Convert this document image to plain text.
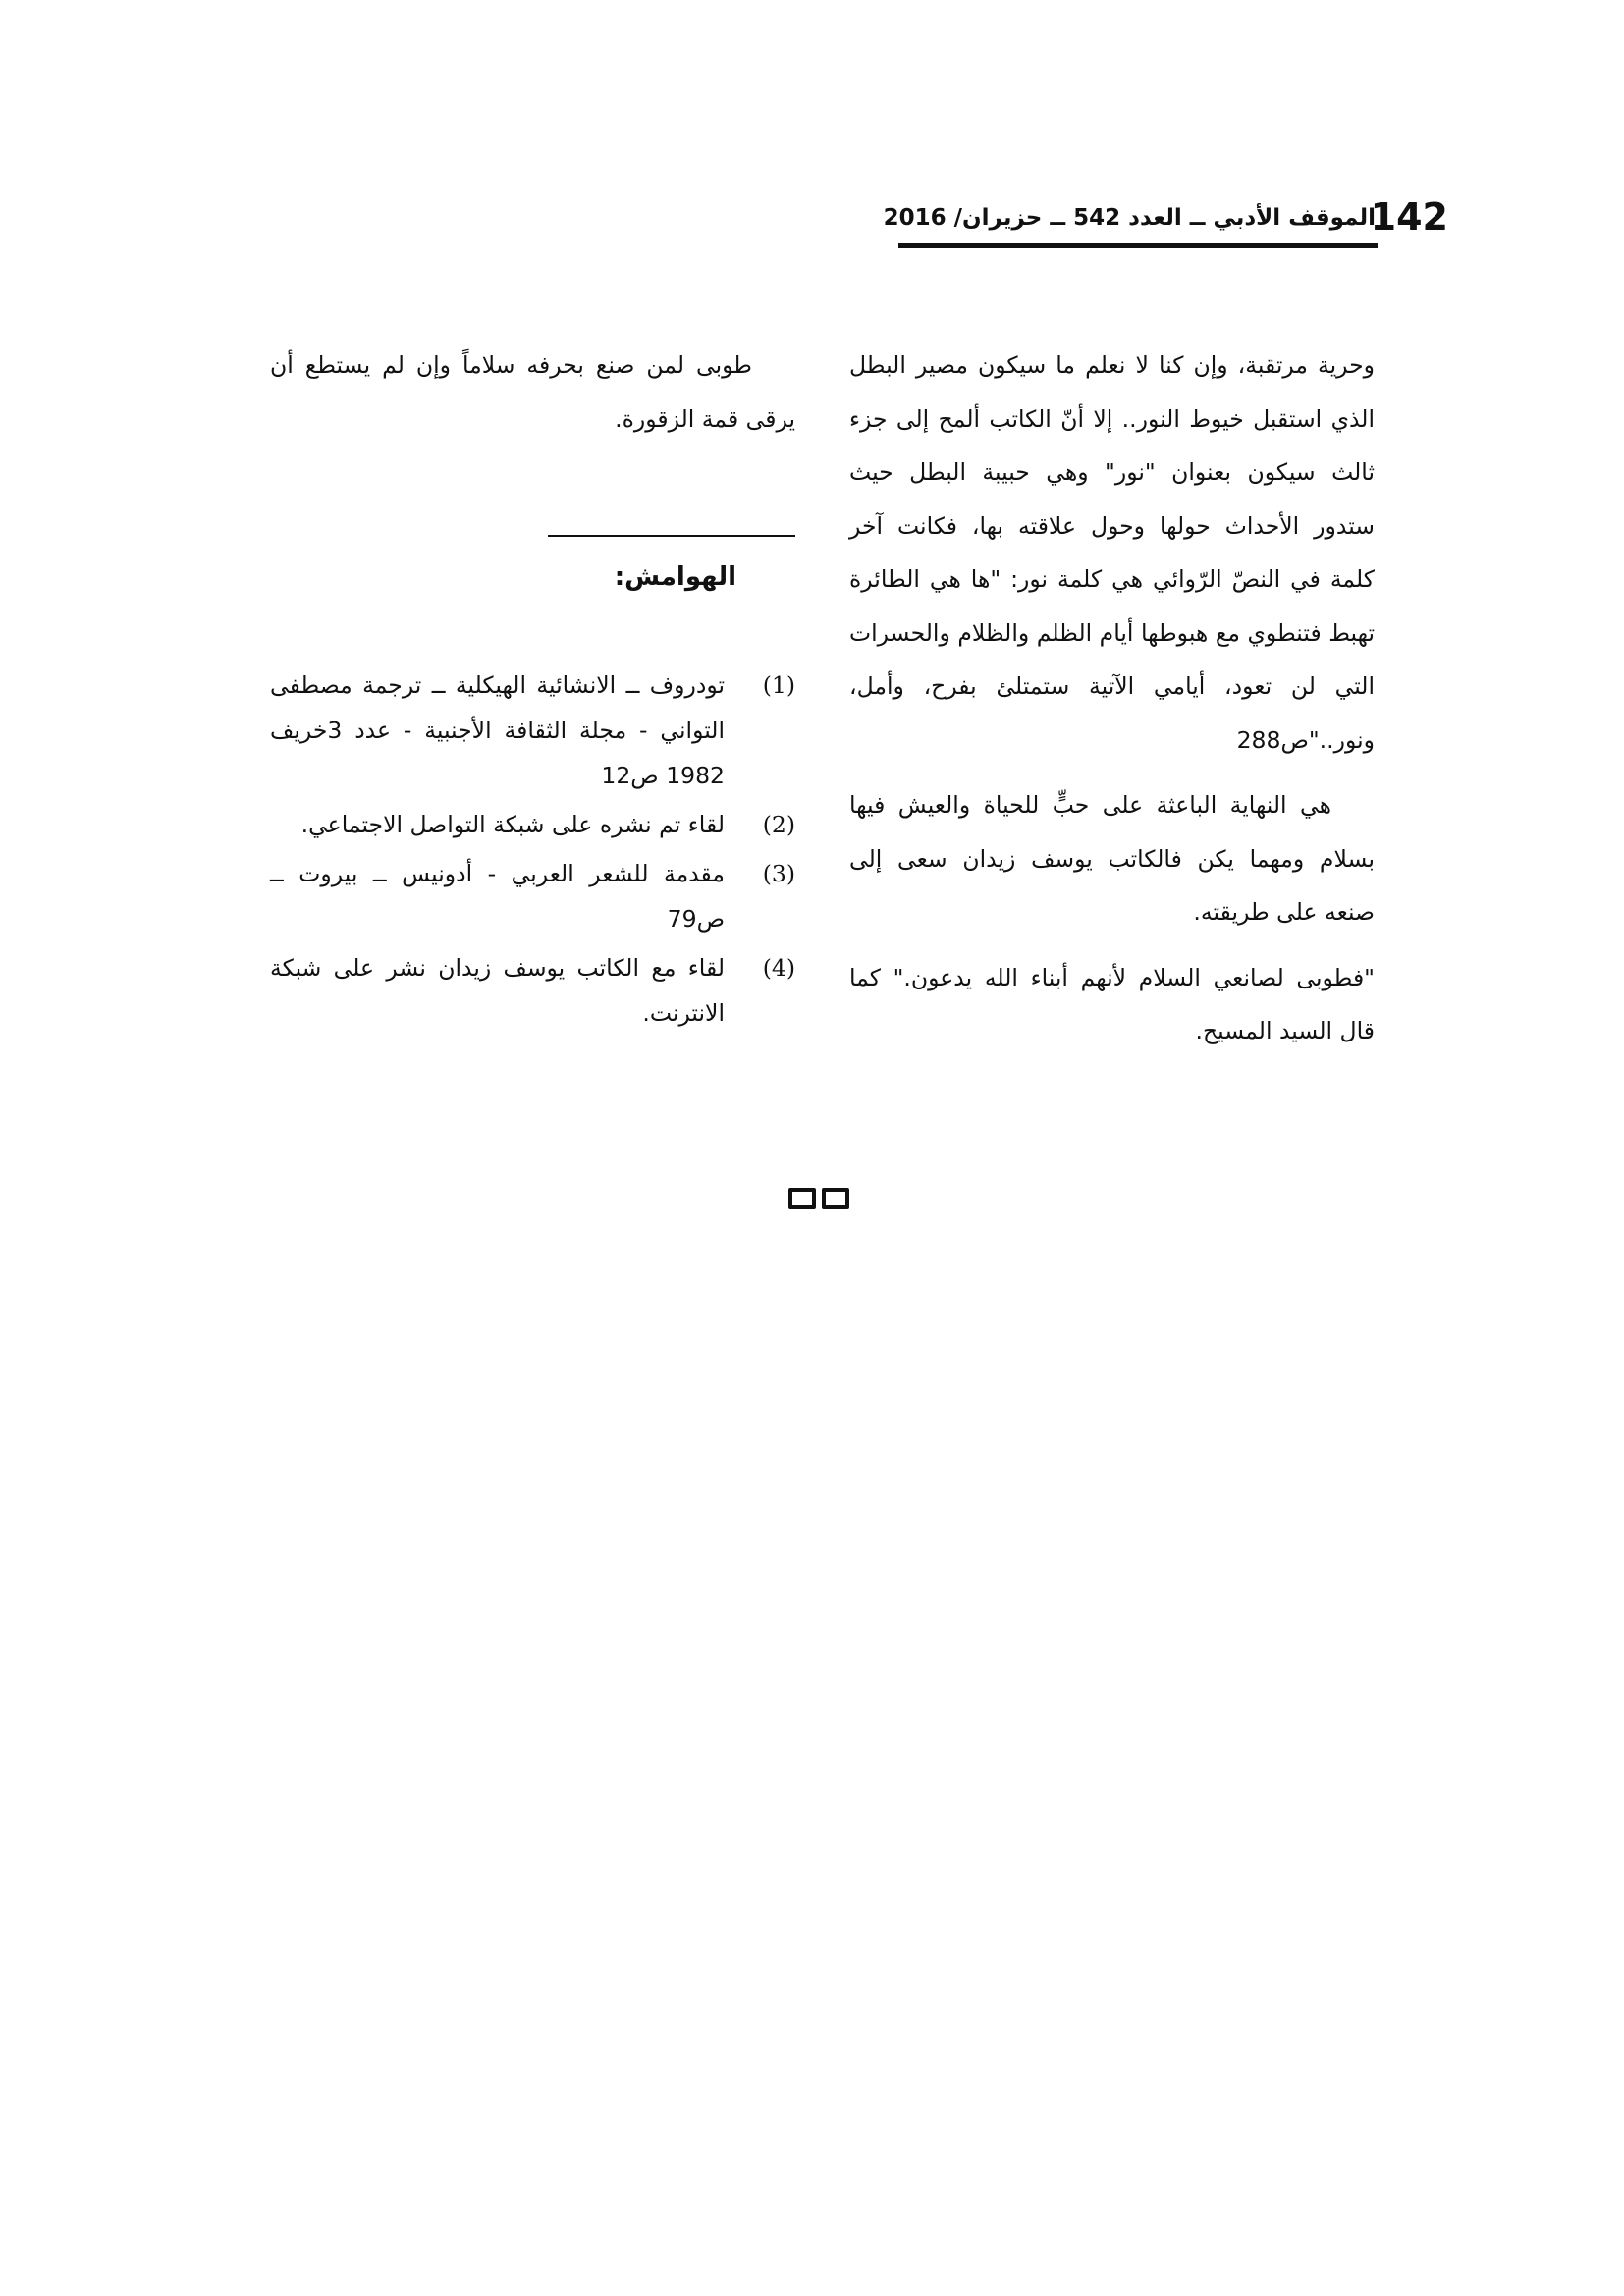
142
الموقف الأدبي ــ العدد 542 ــ حزيران/ 2016

وحرية مرتقبة، وإن كنا لا نعلم ما سيكون مصير البطل الذي استقبل خيوط النور.. إلا أنّ الكاتب ألمح إلى جزء ثالث سيكون بعنوان "نور" وهي حبيبة البطل حيث ستدور الأحداث حولها وحول علاقته بها، فكانت آخر كلمة في النصّ الرّوائي هي كلمة نور: "ها هي الطائرة تهبط فتنطوي مع هبوطها أيام الظلم والظلام والحسرات التي لن تعود، أيامي الآتية ستمتلئ بفرح، وأمل، ونور.."ص288

هي النهاية الباعثة على حبٍّ للحياة والعيش فيها بسلام ومهما يكن فالكاتب يوسف زيدان سعى إلى صنعه على طريقته.

"فطوبى لصانعي السلام لأنهم أبناء الله يدعون." كما قال السيد المسيح.

طوبى لمن صنع بحرفه سلاماً وإن لم يستطع أن يرقى قمة الزقورة.

الهوامش:
(1)
تودروف ــ الانشائية الهيكلية ــ ترجمة مصطفى التواني - مجلة الثقافة الأجنبية - عدد 3خريف 1982 ص12
(2)
لقاء تم نشره على شبكة التواصل الاجتماعي.
(3)
مقدمة للشعر العربي - أدونيس ــ بيروت ــ ص79
(4)
لقاء مع الكاتب يوسف زيدان نشر على شبكة الانترنت.
